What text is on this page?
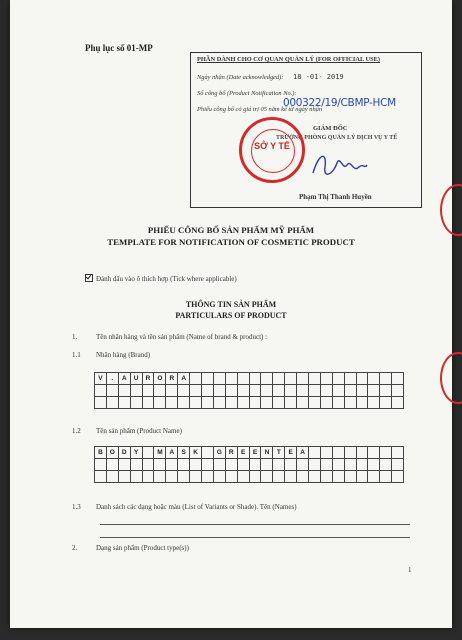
Phụ lục số 01-MP
PHẦN DÀNH CHO CƠ QUAN QUẢN LÝ (FOR OFFICIAL USE)
Ngày nhận (Date acknowledged): 18 -01- 2019
Số công bố (Product Notification No.):
Phiếu công bố có giá trị 05 năm kể từ ngày nhận
000322/19/CBMP-HCM
GIÁM ĐỐC
TRƯỞNG PHÒNG QUẢN LÝ DỊCH VỤ Y TẾ
SỞ Y TẾ
Phạm Thị Thanh Huyền
PHIẾU CÔNG BỐ SẢN PHẨM MỸ PHẨM
TEMPLATE FOR NOTIFICATION OF COSMETIC PRODUCT
Đánh dấu vào ô thích hợp (Tick where applicable)
THÔNG TIN SẢN PHẨM
PARTICULARS OF PRODUCT
1.	Tên nhãn hàng và tên sản phẩm (Name of brand & product) :
1.1 Nhãn hàng (Brand)
V	.	A	U	R	O	R	A																		

1.2 Tên sản phẩm (Product Name)
B	O	D	Y		M	A	S	K		G	R	E	E	N	T	E	A								

1.3 Danh sách các dạng hoặc màu (List of Variants or Shade). Tên (Names)
2.	Dạng sản phẩm (Product type(s))
1
